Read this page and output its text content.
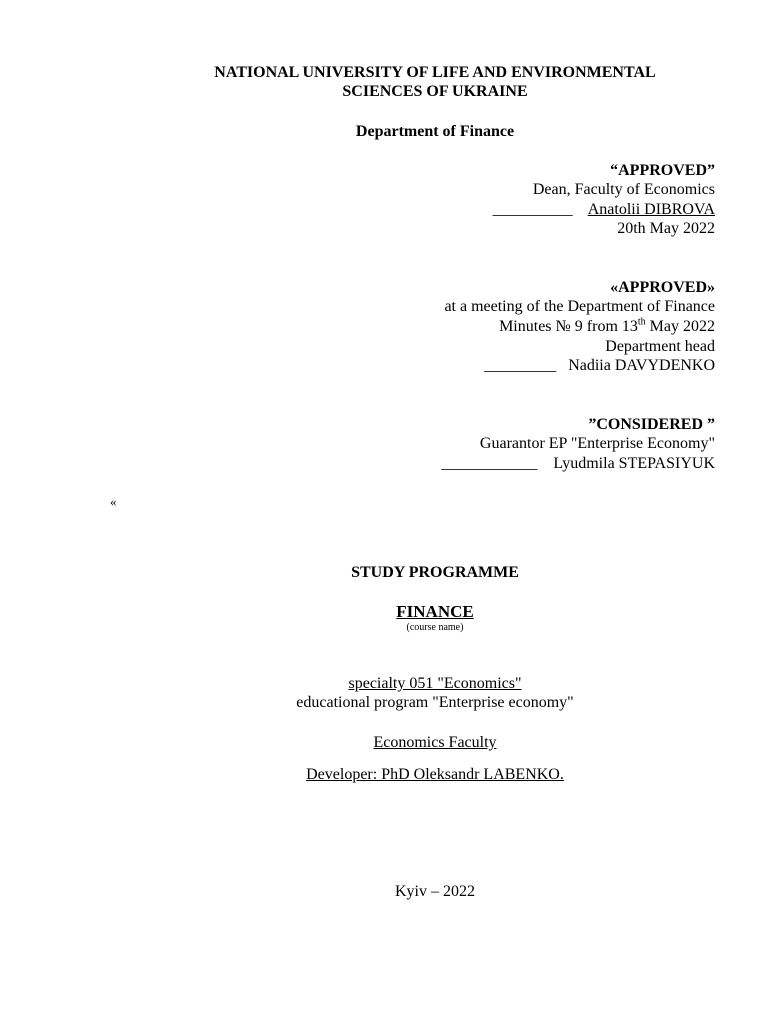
NATIONAL UNIVERSITY OF LIFE AND ENVIRONMENTAL
SCIENCES OF UKRAINE
Department of Finance
“APPROVED”
Dean, Faculty of Economics
__________ Anatolii DIBROVA
20th May 2022
«APPROVED»
at a meeting of the Department of Finance
Minutes № 9 from 13th May 2022
Department head
_________ Nadiia DAVYDENKO
”CONSIDERED ”
Guarantor EP "Enterprise Economy"
____________ Lyudmila STEPASIYUK
«
STUDY PROGRAMME
FINANCE
(course name)
specialty 051 "Economics"
educational program "Enterprise economy"
Economics Faculty
Developer: PhD Oleksandr LABENKO.
Kyiv – 2022
